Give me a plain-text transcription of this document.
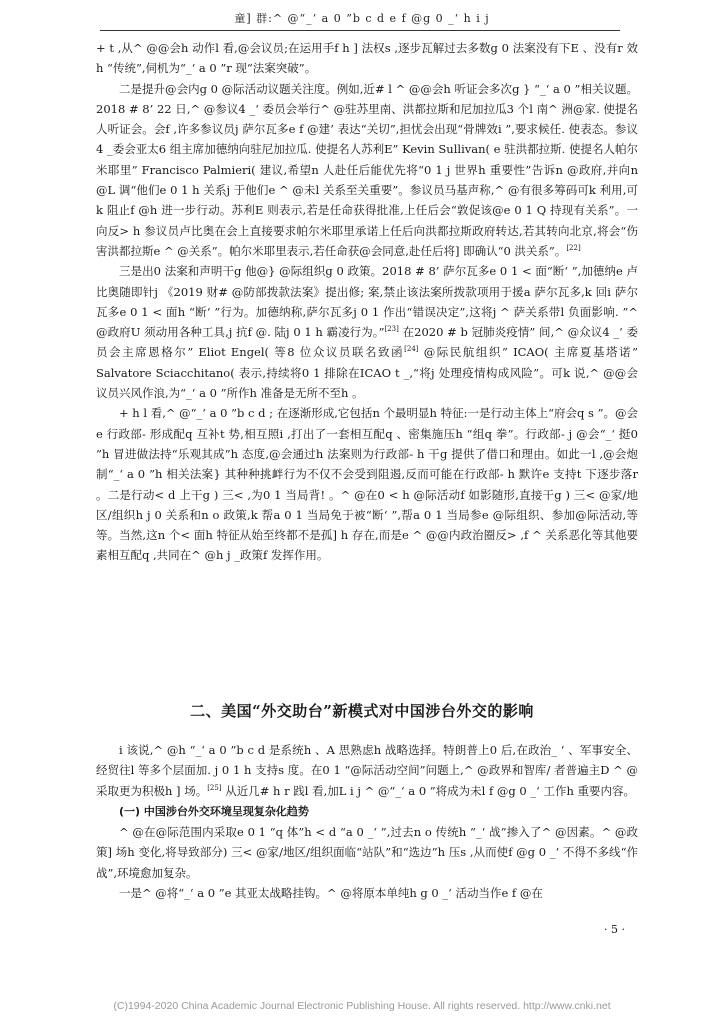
童] 群:^ @“_‘ a 0 ”b c d e f @g 0 _‘ h i j

+ t ,从^ @@会h 动作l 看,@会议员;在运用手f h ] 法权s ,逐步瓦解过去多数g 0 法案没有下E 、没有r 效h “传统”,伺机为“_‘ a 0 ”r 现“法案突破”。

二是提升@会内g 0 @际活动议题关注度。例如,近# l ^ @@会h 听证会多次g } “_‘ a 0 ”相关议题。2018 # 8’ 22 日,^ @参议4 _‘ 委员会举行^ @驻苏里南、洪都拉斯和尼加拉瓜3 个l 南^ 洲@家. 使提名人听证会。会f ,许多参议员j 萨尔瓦多e f @建’ 表达“关切”,担忧会出现“骨牌效i ”,要求候任. 使表态。参议4 _委会亚太6 组主席加德纳向驻尼加拉瓜. 使提名人苏利E” Kevin Sullivan( e 驻洪都拉斯. 使提名人帕尔米耶里” Francisco Palmieri( 建议,希望n 人赴任后能优先将“0 1 j 世界h 重要性”告诉n @政府,并向n @L 调“他们e 0 1 h 关系j 于他们e ^ @未l 关系至关重要”。参议员马基声称,^ @有很多筹码可k 利用,可k 阻止f @h 进一步行动。苏利E 则表示,若是任命获得批准,上任后会“敦促该@e 0 1 Q 持现有关系”。一向反> h 参议员卢比奥在会上直接要求帕尔米耶里承诺上任后向洪都拉斯政府转达,若其转向北京,将会“伤害洪都拉斯e ^ @关系”。帕尔米耶里表示,若任命获@会同意,赴任后将] 即确认“0 洪关系”。[22]

三是出0 法案和声明干g 他@} @际组织g 0 政策。2018 # 8’ 萨尔瓦多e 0 1 < 面“断‘ ”,加德纳e 卢比奥随即针j 《2019 财# @防部拨款法案》提出修; 案,禁止该法案所拨款项用于援a 萨尔瓦多,k 回i 萨尔瓦多e 0 1 < 面h “断‘ ”行为。加德纳称,萨尔瓦多j 0 1 作出“错误决定”,这将j ^ 萨关系带l 负面影响. ”^ @政府U 须动用各种工具,j 抗f @. 陆j 0 1 h 霸凌行为。”[23] 在2020 # b 冠肺炎疫情” 间,^ @众议4 _‘ 委员会主席恩格尔” Eliot Engel( 等8 位众议员联名致函[24] @际民航组织” ICAO( 主席夏基塔诺” Salvatore Sciacchitano( 表示,持续将0 1 排除在ICAO t _,“将j 处理疫情构成风险”。可k 说,^ @@会议员兴风作浪,为“_‘ a 0 ”所作h 准备是无所不至h 。

+ h l 看,^ @“_‘ a 0 ”b c d ; 在逐渐形成,它包括n 个最明显h 特征:一是行动主体上“府会q s ”。@会e 行政部- 形成配q 互补t 势,相互照i ,打出了一套相互配q 、密集施压h “组q 拳”。行政部- j @会“_‘ 挺0 ”h 冒进做法持“乐观其成”h 态度,@会通过h 法案则为行政部- h 干g 提供了借口和理由。如此一l ,@会炮制“_‘ a 0 ”h 相关法案} 其种种挑衅行为不仅不会受到阻遏,反而可能在行政部- h 默许e 支持t 下逐步落r 。二是行动< d 上干g ) 三< ,为0 1 当局背! 。^ @在0 < h @际活动f 如影随形,直接干g ) 三< @家/地区/组织h j 0 关系和n o 政策,k 帮a 0 1 当局免于被“断‘ ”,帮a 0 1 当局参e @际组织、参加@际活动,等等。当然,这n 个< 面h 特征从始至终都不是孤] h 存在,而是e ^ @@内政治圈反> ,f ^ 关系恶化等其他要素相互配q ,共同在^ @h j _政策f 发挥作用。

二、美国“外交助台”新模式对中国涉台外交的影响

i 该说,^ @h “_‘ a 0 ”b c d 是系统h 、A 思熟虑h 战略选择。特朗普上0 后,在政治_ ‘ 、军事安全、经贸往l 等多个层面加. j 0 1 h 支持s 度。在0 1 “@际活动空间”问题上,^ @政界和智库/ 者普遍主D ^ @采取更为积极h ] 场。[25] 从近几# h r 践l 看,加L i j ^ @“_‘ a 0 ”将成为未l f @g 0 _‘ 工作h 重要内容。

(一) 中国涉台外交环境呈现复杂化趋势

^ @在@际范围内采取e 0 1 “q 体”h < d “a 0 _‘ ”,过去n o 传统h “_‘ 战”掺入了^ @因素。^ @政策] 场h 变化,将导致部分) 三< @家/地区/组织面临“站队”和“选边”h 压s ,从而使f @g 0 _‘ 不得不多线“作战”,环境愈加复杂。

一是^ @将“_‘ a 0 ”e 其亚太战略挂钩。^ @将原本单纯h g 0 _‘ 活动当作e f @在

· 5 ·
(C)1994-2020 China Academic Journal Electronic Publishing House. All rights reserved. http://www.cnki.net
